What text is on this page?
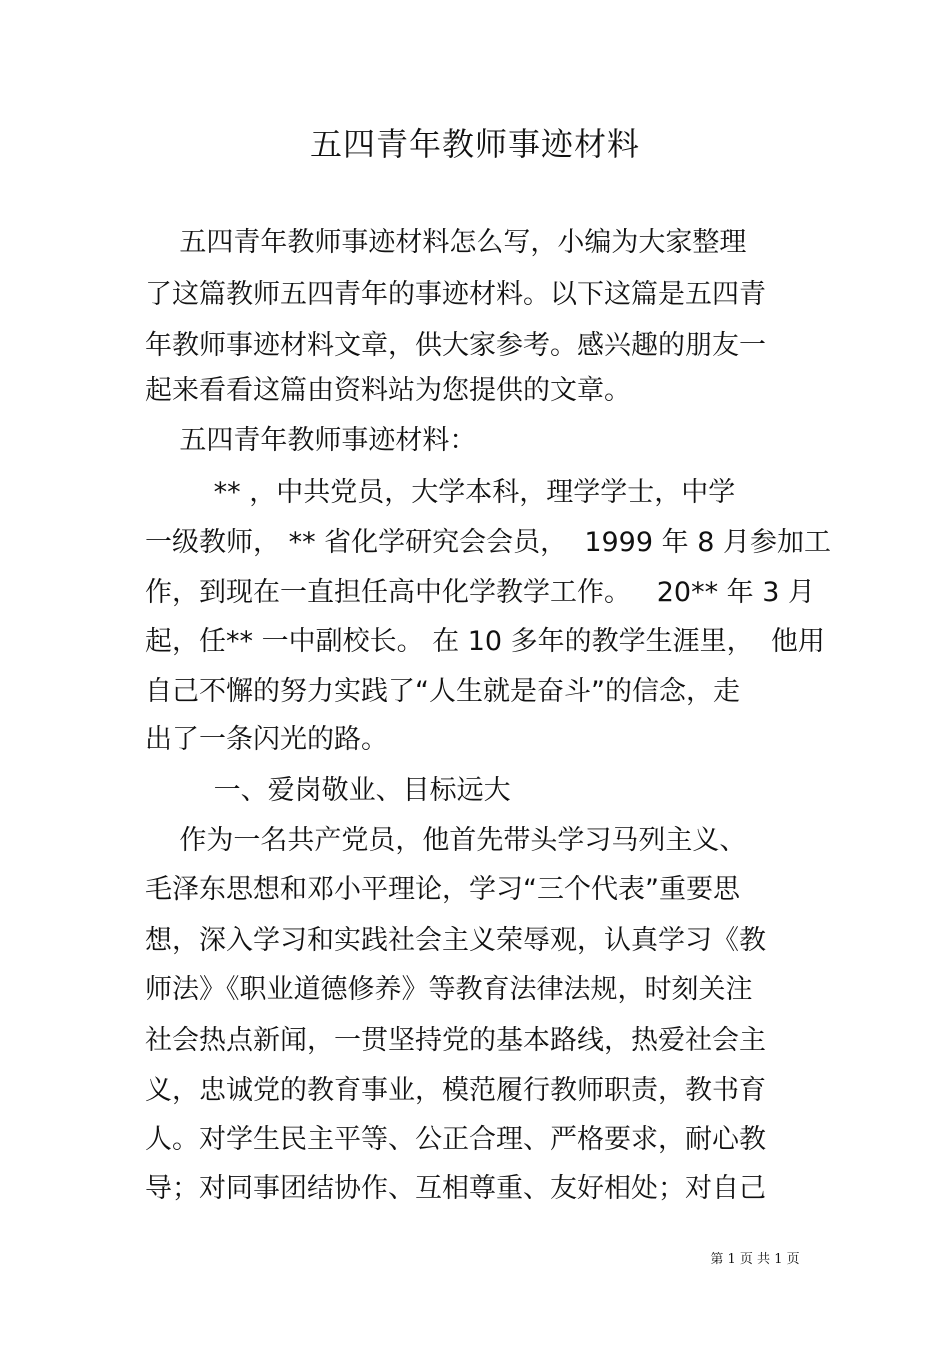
五四青年教师事迹材料
五四青年教师事迹材料怎么写，小编为大家整理
了这篇教师五四青年的事迹材料。以下这篇是五四青
年教师事迹材料文章，供大家参考。感兴趣的朋友一
起来看看这篇由资料站为您提供的文章。
五四青年教师事迹材料：
** ，中共党员，大学本科，理学学士，中学
一级教师， ** 省化学研究会会员，  1999 年 8 月参加工
作，到现在一直担任高中化学教学工作。   20** 年 3 月
起，任** 一中副校长。 在 10 多年的教学生涯里，  他用
自己不懈的努力实践了“人生就是奋斗”的信念，走
出了一条闪光的路。
一、爱岗敬业、目标远大
作为一名共产党员，他首先带头学习马列主义、
毛泽东思想和邓小平理论，学习“三个代表”重要思
想，深入学习和实践社会主义荣辱观，认真学习《教
师法》《职业道德修养》等教育法律法规，时刻关注
社会热点新闻，一贯坚持党的基本路线，热爱社会主
义，忠诚党的教育事业，模范履行教师职责，教书育
人。对学生民主平等、公正合理、严格要求，耐心教
导；对同事团结协作、互相尊重、友好相处；对自己
第 1 页 共 1 页
